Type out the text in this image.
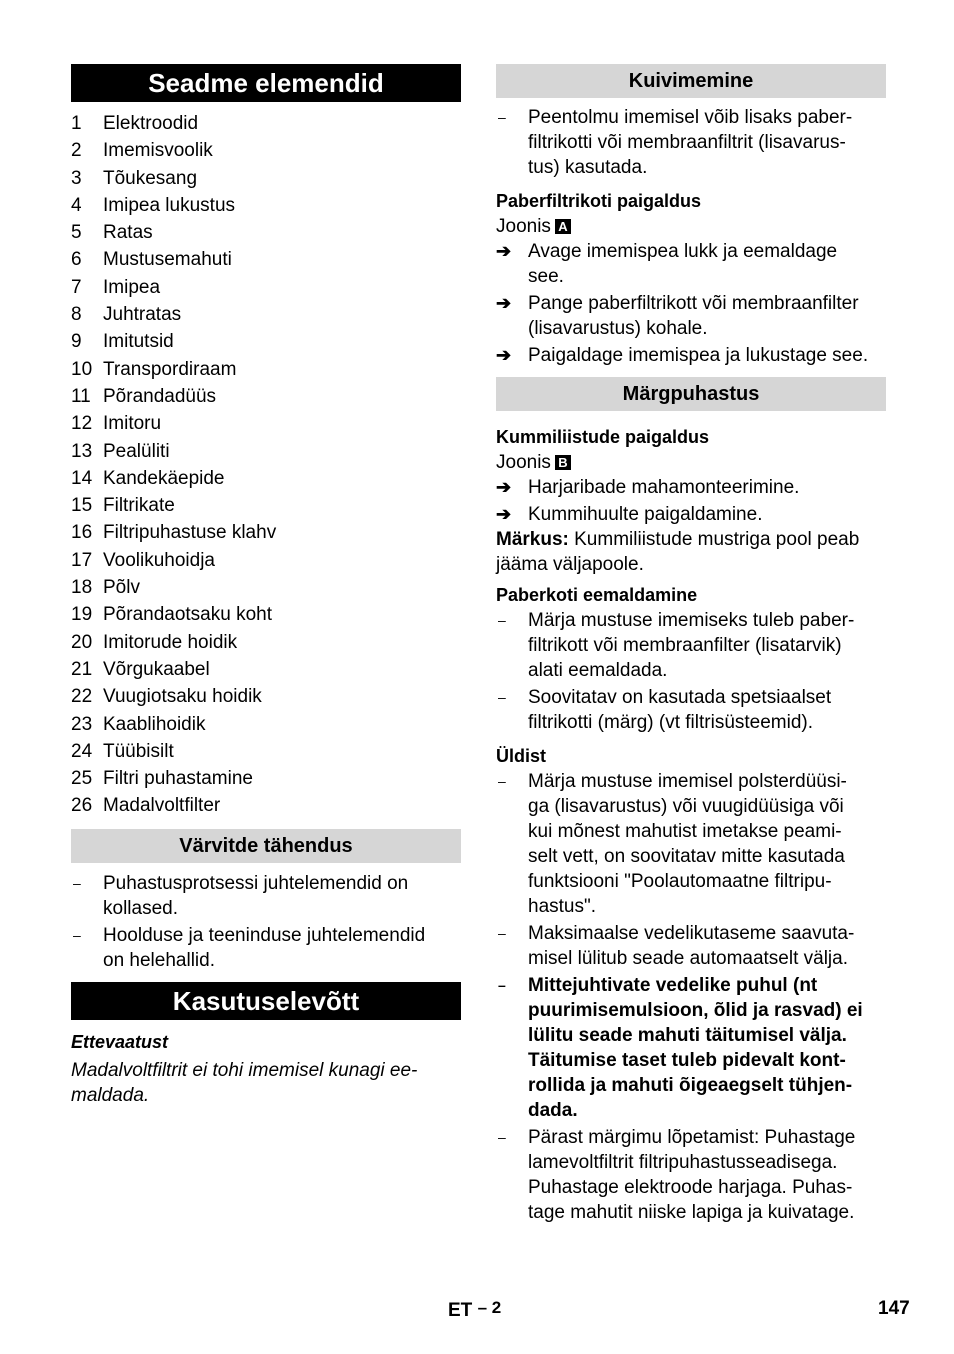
Seadme elemendid
1	Elektroodid
2	Imemisvoolik
3	Tõukesang
4	Imipea lukustus
5	Ratas
6	Mustusemahuti
7	Imipea
8	Juhtratas
9	Imitutsid
10 Transpordiraam
11 Põrandadüüs
12 Imitoru
13 Pealüliti
14 Kandekäepide
15 Filtrikate
16 Filtripuhastuse klahv
17 Voolikuhoidja
18 Põlv
19 Põrandaotsaku koht
20 Imitorude hoidik
21 Võrgukaabel
22 Vuugiotsaku hoidik
23 Kaablihoidik
24 Tüübisilt
25 Filtri puhastamine
26 Madalvoltfilter
Värvitde tähendus
–	Puhastusprotsessi juhtelemendid on
kollased.
–	Hoolduse ja teeninduse juhtelemendid
on helehallid.
Kasutuselevõtt
Ettevaatust
Madalvoltfiltrit ei tohi imemisel kunagi ee-
maldada.
Kuivimemine
–	Peentolmu imemisel võib lisaks paber-
filtrikotti või membraanfiltrit (lisavarus-
tus) kasutada.
Paberfiltrikoti paigaldus
Joonis A
➔ Avage imemispea lukk ja eemaldage
see.
➔ Pange paberfiltrikott või membraanfilter
(lisavarustus) kohale.
➔ Paigaldage imemispea ja lukustage see.
Märgpuhastus
Kummiliistude paigaldus
Joonis B
➔ Harjaribade mahamonteerimine.
➔ Kummihuulte paigaldamine.
Märkus: Kummiliistude mustriga pool peab
jääma väljapoole.
Paberkoti eemaldamine
–	Märja mustuse imemiseks tuleb paber-
filtrikott või membraanfilter (lisatarvik)
alati eemaldada.
–	Soovitatav on kasutada spetsiaalset
filtrikotti (märg) (vt filtrisüsteemid).
Üldist
–	Märja mustuse imemisel polsterdüüsi-
ga (lisavarustus) või vuugidüüsiga või
kui mõnest mahutist imetakse peami-
selt vett, on soovitatav mitte kasutada
funktsiooni "Poolautomaatne filtripu-
hastus".
–	Maksimaalse vedelikutaseme saavuta-
misel lülitub seade automaatselt välja.
–	Mittejuhtivate vedelike puhul (nt
puurimisemulsioon, õlid ja rasvad) ei
lülitu seade mahuti täitumisel välja.
Täitumise taset tuleb pidevalt kont-
rollida ja mahuti õigeaegselt tühjen-
dada.
–	Pärast märgimu lõpetamist: Puhastage
lamevoltfiltrit filtripuhastusseadisega.
Puhastage elektroode harjaga. Puhas-
tage mahutit niiske lapiga ja kuivatage.
ET – 2	147
